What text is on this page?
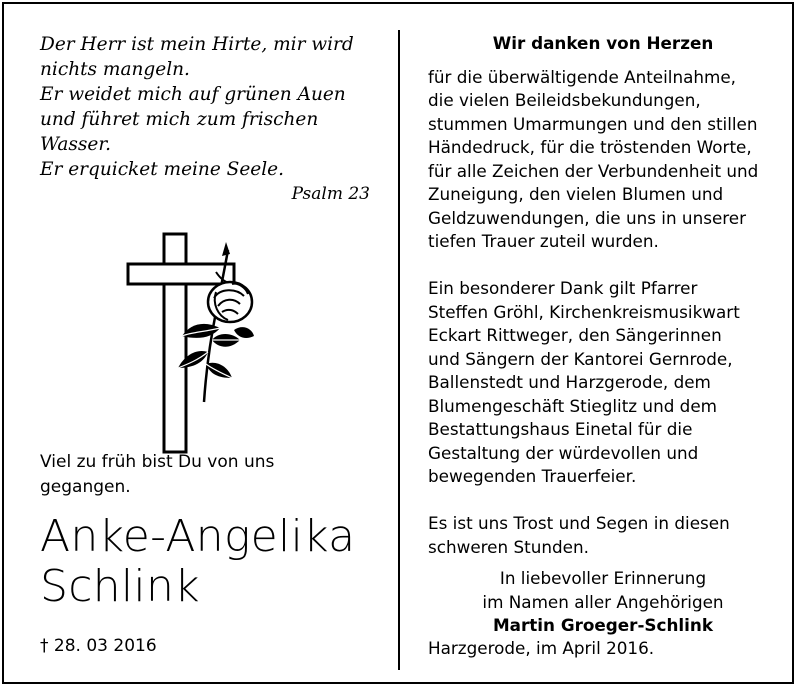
Der Herr ist mein Hirte, mir wird
nichts mangeln.
Er weidet mich auf grünen Auen
und führet mich zum frischen
Wasser.
Er erquicket meine Seele.
Psalm 23
Viel zu früh bist Du von uns
gegangen.
Anke-Angelika
Schlink
† 28. 03 2016
Wir danken von Herzen
für die überwältigende Anteilnahme,
die vielen Beileidsbekundungen,
stummen Umarmungen und den stillen
Händedruck, für die tröstenden Worte,
für alle Zeichen der Verbundenheit und
Zuneigung, den vielen Blumen und
Geldzuwendungen, die uns in unserer
tiefen Trauer zuteil wurden.
Ein besonderer Dank gilt Pfarrer
Steffen Gröhl, Kirchenkreismusikwart
Eckart Rittweger, den Sängerinnen
und Sängern der Kantorei Gernrode,
Ballenstedt und Harzgerode, dem
Blumengeschäft Stieglitz und dem
Bestattungshaus Einetal für die
Gestaltung der würdevollen und
bewegenden Trauerfeier.
Es ist uns Trost und Segen in diesen
schweren Stunden.
In liebevoller Erinnerung
im Namen aller Angehörigen
Martin Groeger-Schlink
Harzgerode, im April 2016.
